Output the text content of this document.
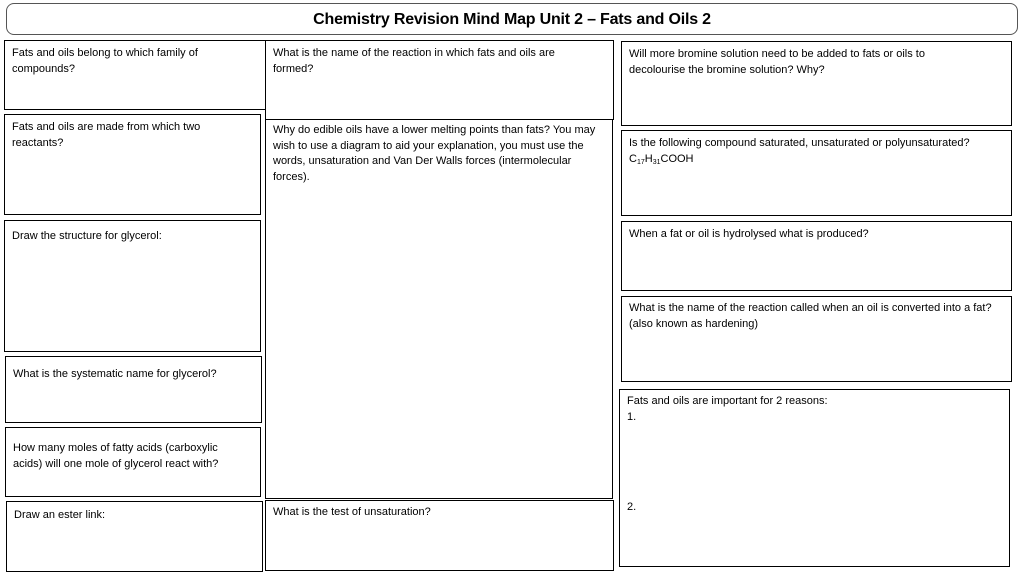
Chemistry Revision Mind Map Unit 2 – Fats and Oils 2
Fats and oils belong to which family of compounds?
Fats and oils are made from which two reactants?
Draw the structure for glycerol:
What is the systematic name for glycerol?
How many moles of fatty acids (carboxylic acids) will one mole of glycerol react with?
Draw an ester link:
What is the name of the reaction in which fats and oils are formed?
Why do edible oils have a lower melting points than fats? You may wish to use a diagram to aid your explanation, you must use the words, unsaturation and Van Der Walls forces (intermolecular forces).
What is the test of unsaturation?
Will more bromine solution need to be added to fats or oils to decolourise the bromine solution? Why?
Is the following compound saturated, unsaturated or polyunsaturated?
$C_{17}H_{31}COOH$
When a fat or oil is hydrolysed what is produced?
What is the name of the reaction called when an oil is converted into a fat? (also known as hardening)
Fats and oils are important for 2 reasons:
1.
2.
